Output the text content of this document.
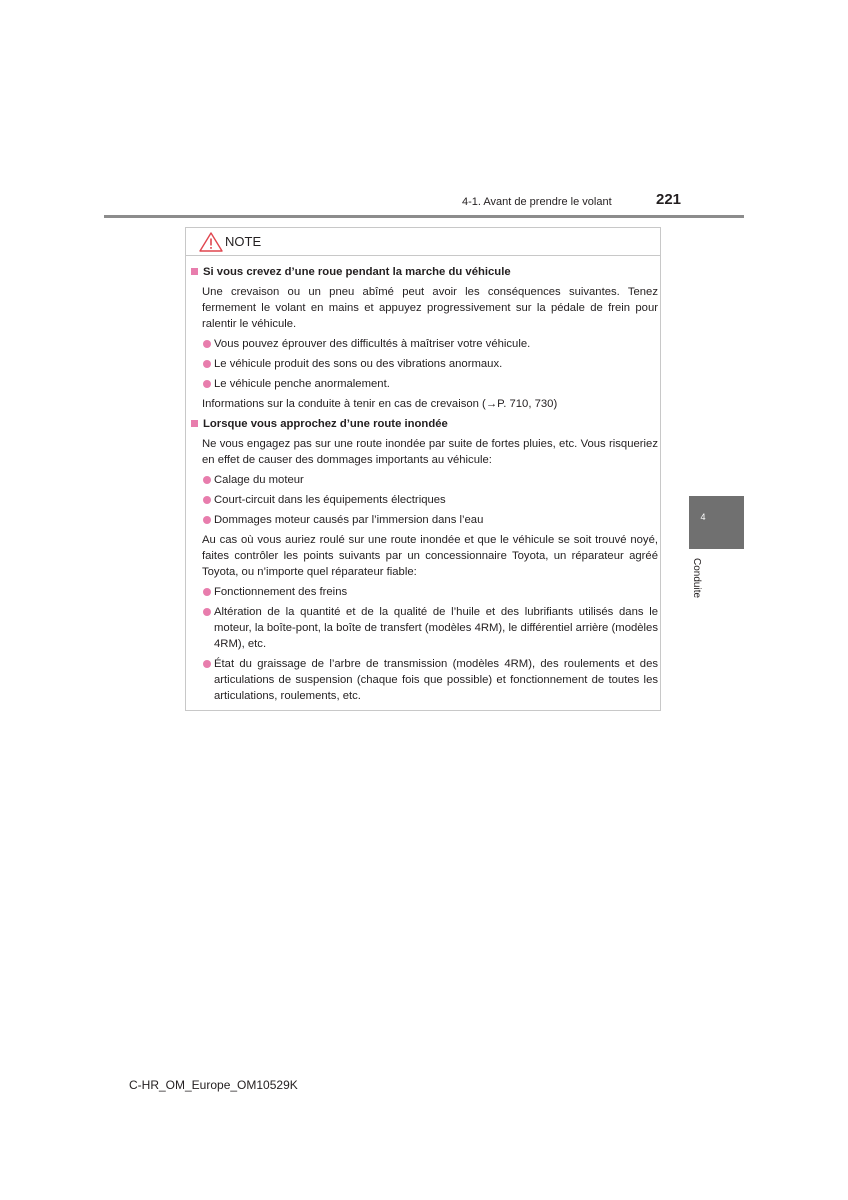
4-1. Avant de prendre le volant	221
4
Conduite
NOTE
Si vous crevez d’une roue pendant la marche du véhicule
Une crevaison ou un pneu abîmé peut avoir les conséquences suivantes. Tenez fermement le volant en mains et appuyez progressivement sur la pédale de frein pour ralentir le véhicule.
Vous pouvez éprouver des difficultés à maîtriser votre véhicule.
Le véhicule produit des sons ou des vibrations anormaux.
Le véhicule penche anormalement.
Informations sur la conduite à tenir en cas de crevaison (→P. 710, 730)
Lorsque vous approchez d’une route inondée
Ne vous engagez pas sur une route inondée par suite de fortes pluies, etc. Vous risqueriez en effet de causer des dommages importants au véhicule:
Calage du moteur
Court-circuit dans les équipements électriques
Dommages moteur causés par l’immersion dans l’eau
Au cas où vous auriez roulé sur une route inondée et que le véhicule se soit trouvé noyé, faites contrôler les points suivants par un concessionnaire Toyota, un réparateur agréé Toyota, ou n’importe quel réparateur fiable:
Fonctionnement des freins
Altération de la quantité et de la qualité de l’huile et des lubrifiants utilisés dans le moteur, la boîte-pont, la boîte de transfert (modèles 4RM), le différentiel arrière (modèles 4RM), etc.
État du graissage de l’arbre de transmission (modèles 4RM), des roulements et des articulations de suspension (chaque fois que possible) et fonctionnement de toutes les articulations, roulements, etc.
C-HR_OM_Europe_OM10529K
